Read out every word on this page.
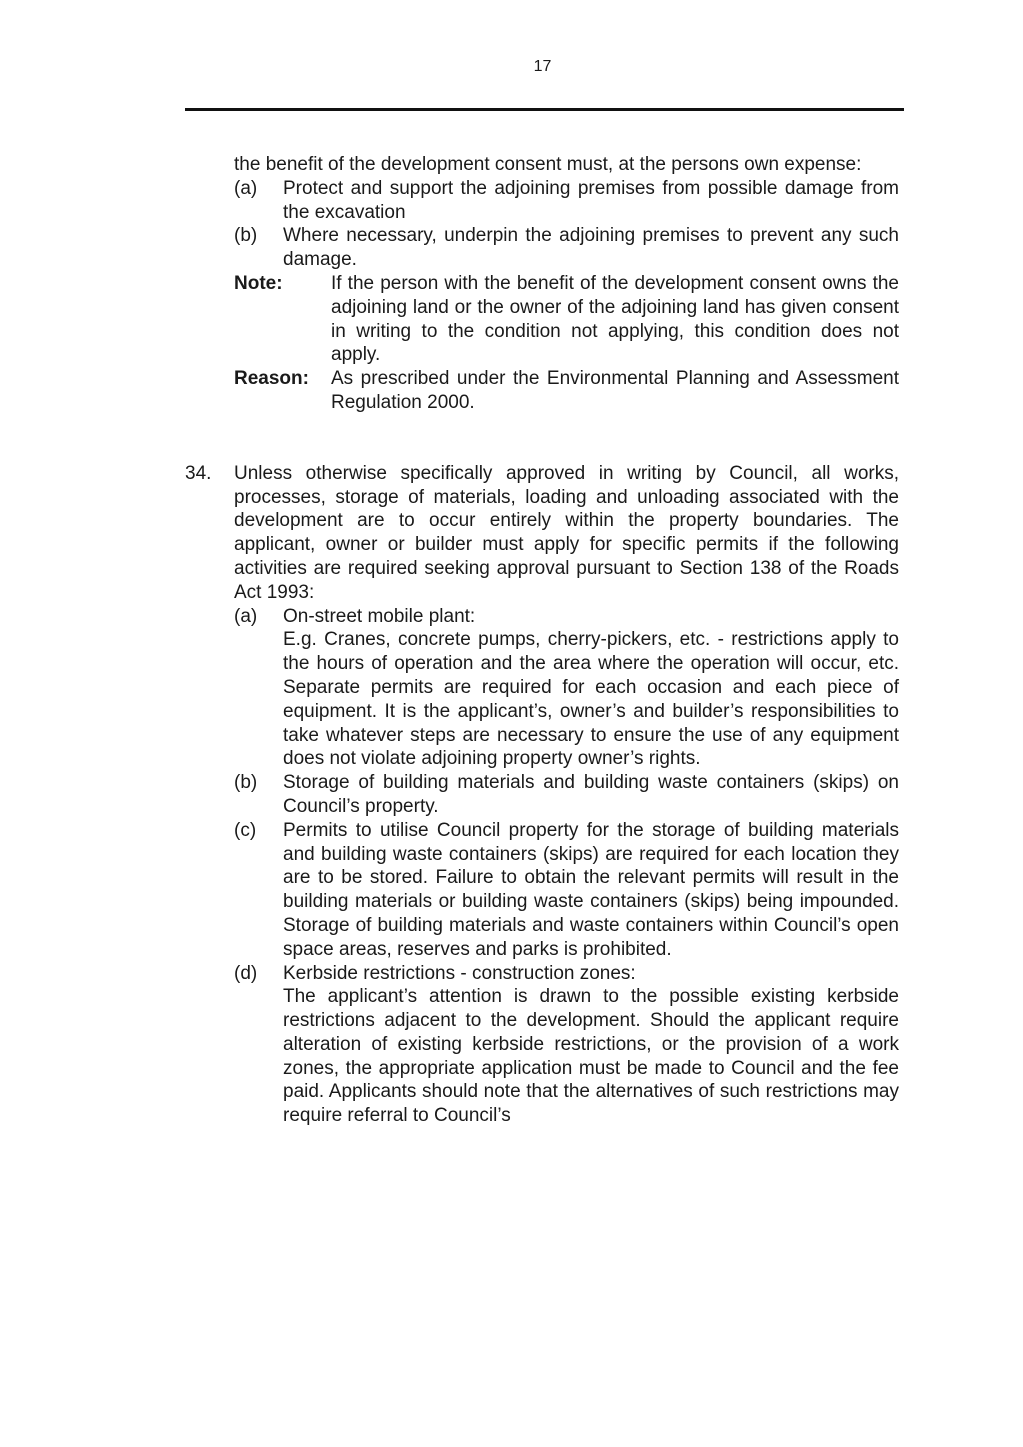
17

the benefit of the development consent must, at the persons own expense:

(a) Protect and support the adjoining premises from possible damage from the excavation

(b) Where necessary, underpin the adjoining premises to prevent any such damage.

Note:	If the person with the benefit of the development consent owns the adjoining land or the owner of the adjoining land has given consent in writing to the condition not applying, this condition does not apply.

Reason: As prescribed under the Environmental Planning and Assessment Regulation 2000.

34. Unless otherwise specifically approved in writing by Council, all works, processes, storage of materials, loading and unloading associated with the development are to occur entirely within the property boundaries. The applicant, owner or builder must apply for specific permits if the following activities are required seeking approval pursuant to Section 138 of the Roads Act 1993:

(a) On-street mobile plant:

E.g. Cranes, concrete pumps, cherry-pickers, etc. - restrictions apply to the hours of operation and the area where the operation will occur, etc. Separate permits are required for each occasion and each piece of equipment. It is the applicant’s, owner’s and builder’s responsibilities to take whatever steps are necessary to ensure the use of any equipment does not violate adjoining property owner’s rights.

(b) Storage of building materials and building waste containers (skips) on Council’s property.

(c) Permits to utilise Council property for the storage of building materials and building waste containers (skips) are required for each location they are to be stored. Failure to obtain the relevant permits will result in the building materials or building waste containers (skips) being impounded. Storage of building materials and waste containers within Council’s open space areas, reserves and parks is prohibited.

(d) Kerbside restrictions - construction zones:

The applicant’s attention is drawn to the possible existing kerbside restrictions adjacent to the development. Should the applicant require alteration of existing kerbside restrictions, or the provision of a work zones, the appropriate application must be made to Council and the fee paid. Applicants should note that the alternatives of such restrictions may require referral to Council’s
